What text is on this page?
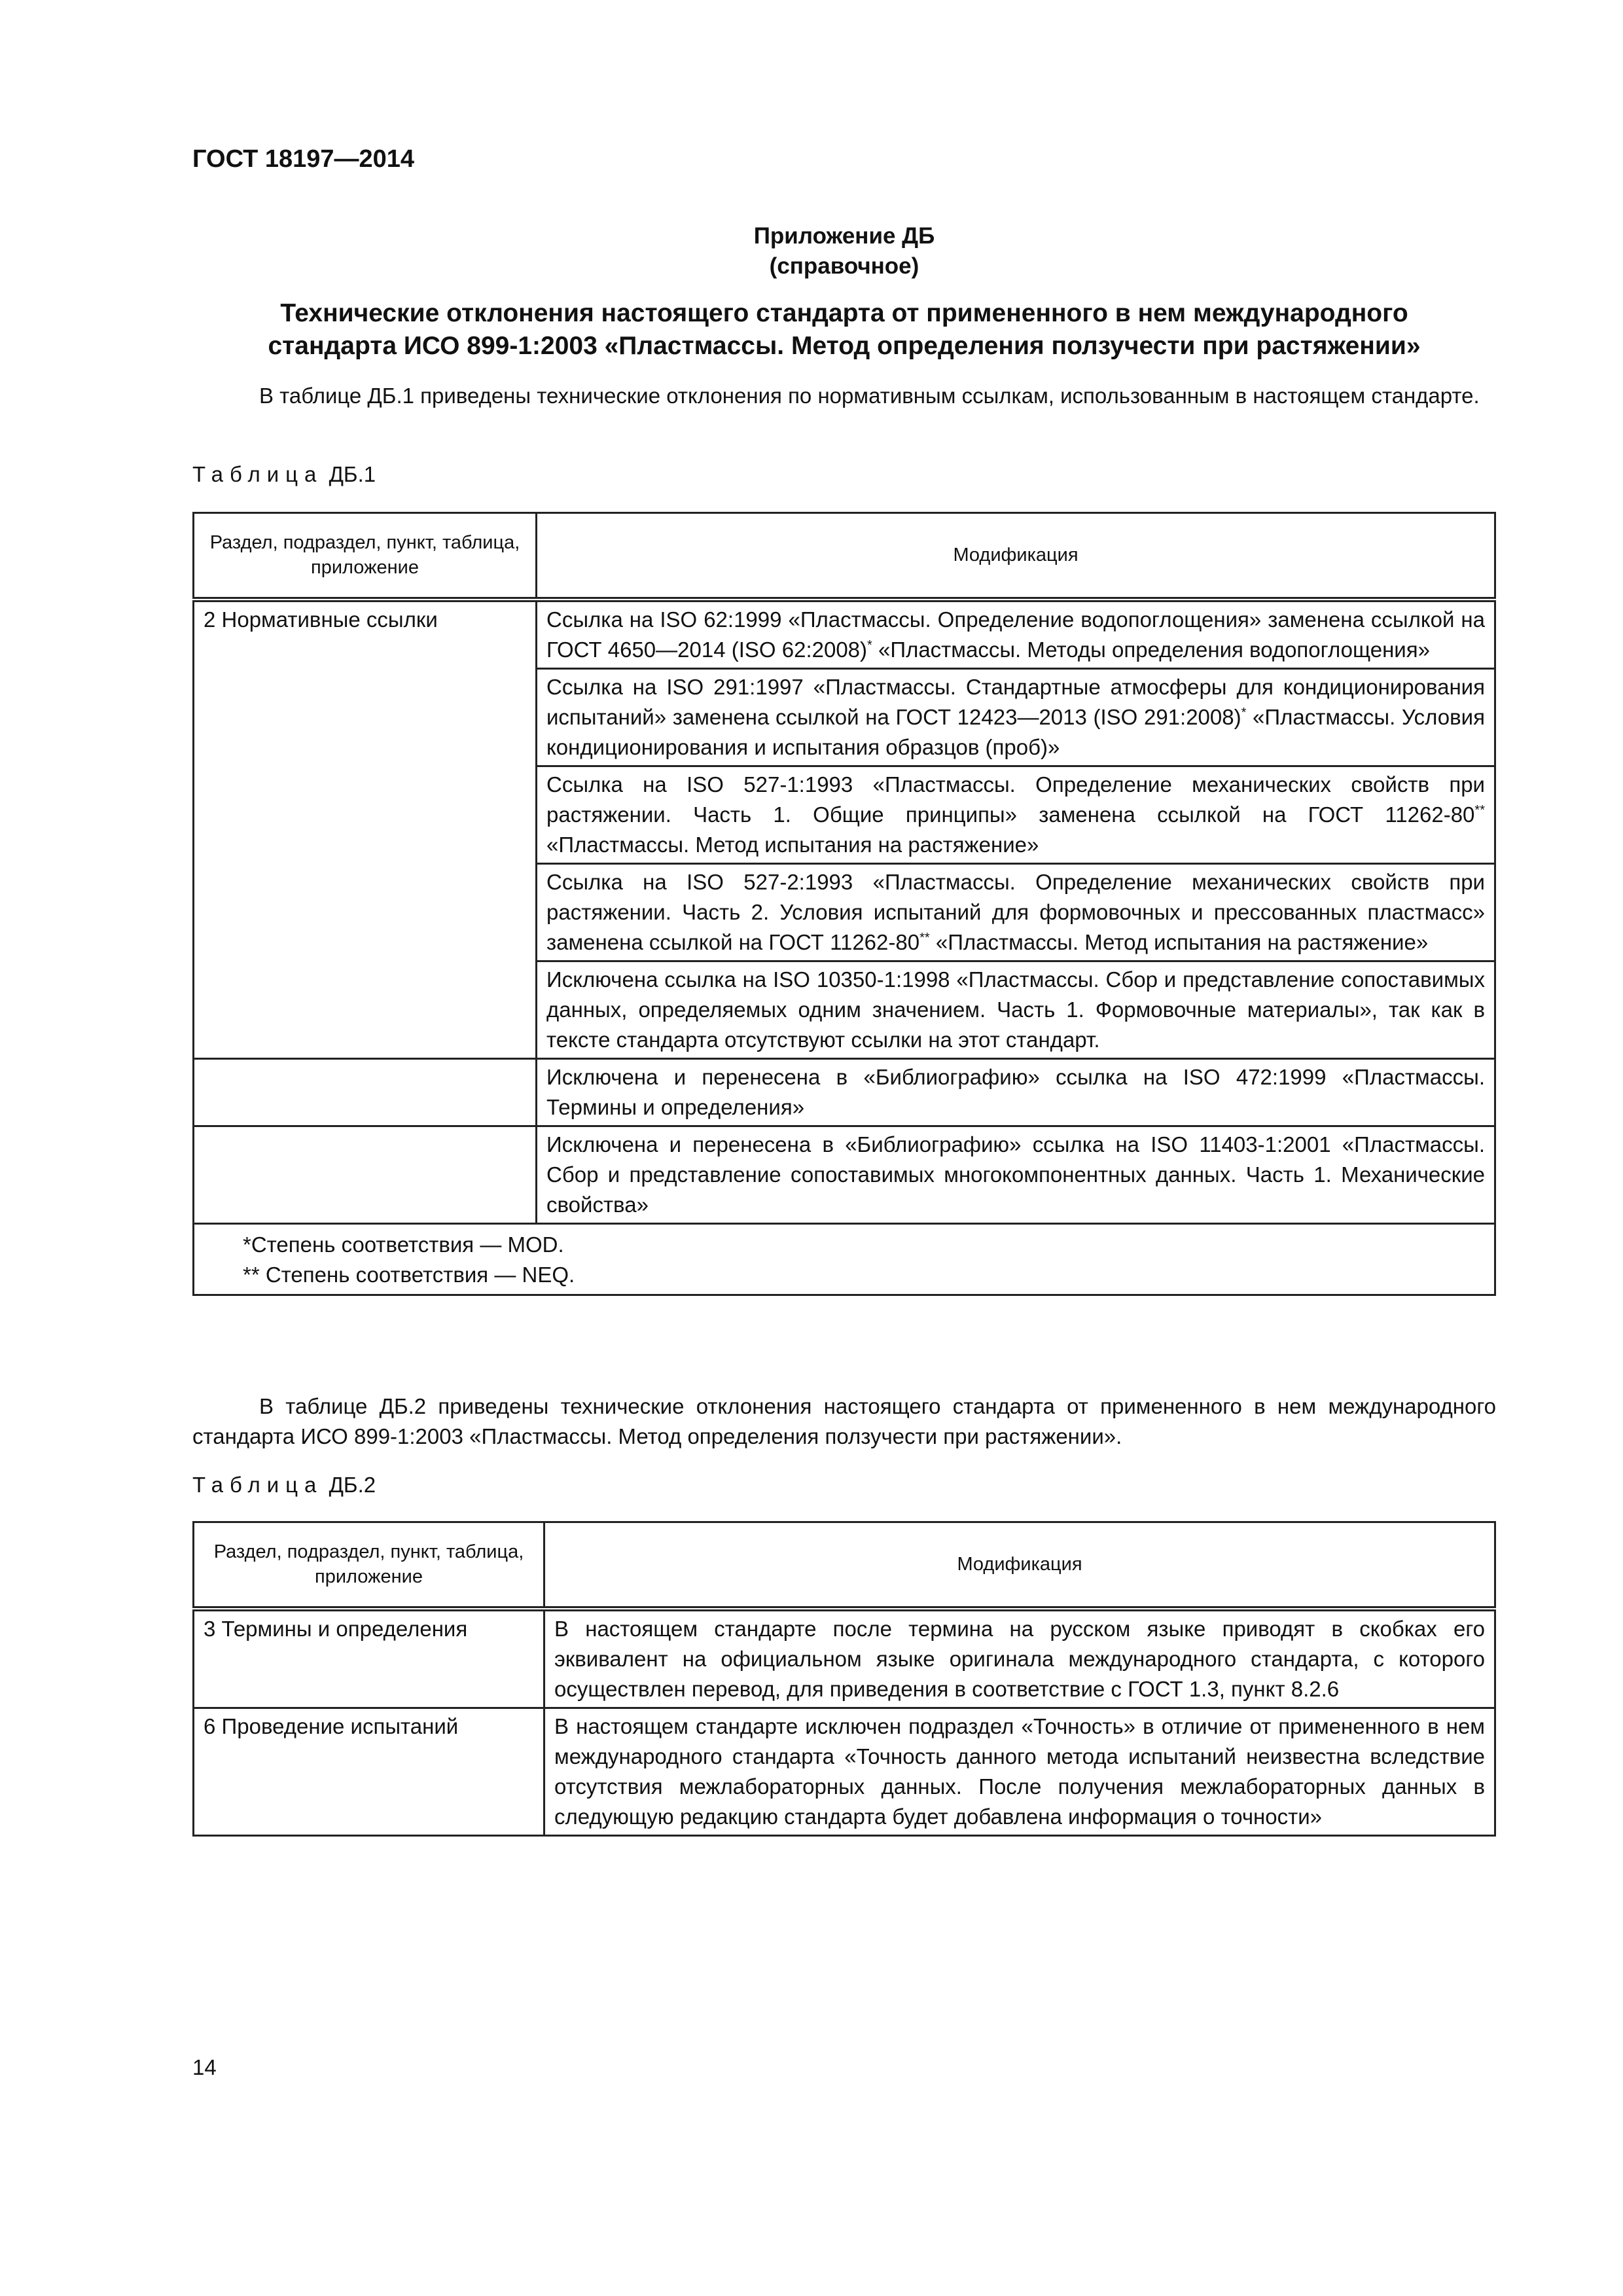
ГОСТ 18197—2014
Приложение ДБ
(справочное)
Технические отклонения настоящего стандарта от примененного в нем международного
стандарта ИСО 899-1:2003 «Пластмассы. Метод определения ползучести при растяжении»

В таблице ДБ.1 приведены технические отклонения по нормативным ссылкам, использованным в настоящем стандарте.

Таблица ДБ.1

Раздел, подраздел, пункт, таблица, приложение	Модификация
2 Нормативные ссылки	Ссылка на ISO 62:1999 «Пластмассы. Определение водопоглощения» заменена ссылкой на ГОСТ 4650—2014 (ISO 62:2008)* «Пластмассы. Методы определения водопоглощения»
	Ссылка на ISO 291:1997 «Пластмассы. Стандартные атмосферы для кондиционирования испытаний» заменена ссылкой на ГОСТ 12423—2013 (ISO 291:2008)* «Пластмассы. Условия кондиционирования и испытания образцов (проб)»
	Ссылка на ISO 527-1:1993 «Пластмассы. Определение механических свойств при растяжении. Часть 1. Общие принципы» заменена ссылкой на ГОСТ 11262-80** «Пластмассы. Метод испытания на растяжение»
	Ссылка на ISO 527-2:1993 «Пластмассы. Определение механических свойств при растяжении. Часть 2. Условия испытаний для формовочных и прессованных пластмасс» заменена ссылкой на ГОСТ 11262-80** «Пластмассы. Метод испытания на растяжение»
	Исключена ссылка на ISO 10350-1:1998 «Пластмассы. Сбор и представление сопоставимых данных, определяемых одним значением. Часть 1. Формовочные материалы», так как в тексте стандарта отсутствуют ссылки на этот стандарт.
	Исключена и перенесена в «Библиографию» ссылка на ISO 472:1999 «Пластмассы. Термины и определения»
	Исключена и перенесена в «Библиографию» ссылка на ISO 11403-1:2001 «Пластмассы. Сбор и представление сопоставимых многокомпонентных данных. Часть 1. Механические свойства»

*Степень соответствия — MOD.
** Степень соответствия — NEQ.	

В таблице ДБ.2 приведены технические отклонения настоящего стандарта от примененного в нем международного стандарта ИСО 899-1:2003 «Пластмассы. Метод определения ползучести при растяжении».

Таблица ДБ.2

Раздел, подраздел, пункт, таблица, приложение	Модификация
3 Термины и определения	В настоящем стандарте после термина на русском языке приводят в скобках его эквивалент на официальном языке оригинала международного стандарта, с которого осуществлен перевод, для приведения в соответствие с ГОСТ 1.3, пункт 8.2.6
6 Проведение испытаний	В настоящем стандарте исключен подраздел «Точность» в отличие от примененного в нем международного стандарта «Точность данного метода испытаний неизвестна вследствие отсутствия межлабораторных данных. После получения межлабораторных данных в следующую редакцию стандарта будет добавлена информация о точности»

14
